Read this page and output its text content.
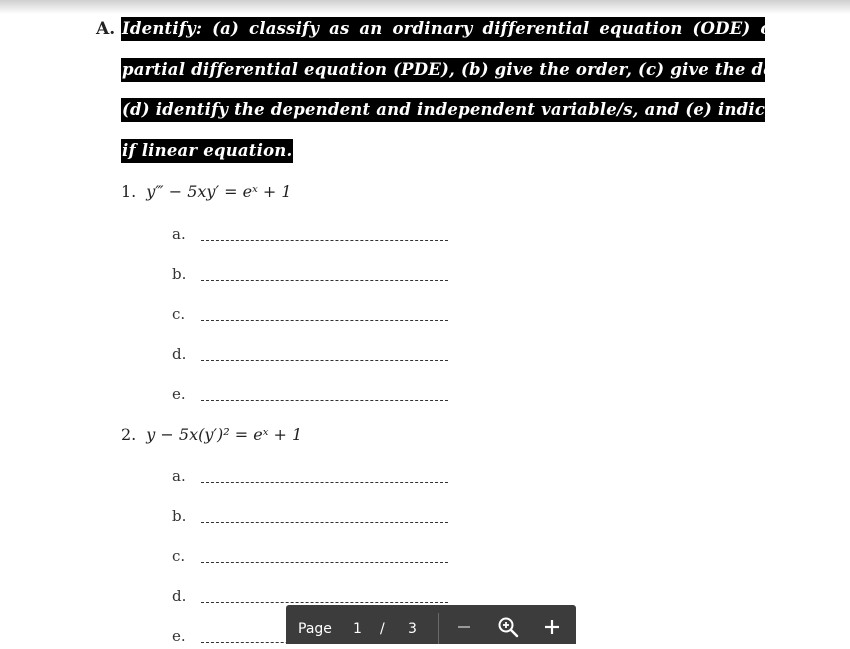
A. Identify: (a) classify as an ordinary differential equation (ODE) or a
partial differential equation (PDE), (b) give the order, (c) give the degree,
(d) identify the dependent and independent variable/s, and (e) indicate
if linear equation.
1. y‴ − 5xy′ = eˣ + 1
a.
b.
c.
d.
e.
2. y − 5x(y′)² = eˣ + 1
a.
b.
c.
d.
e.	Page 1 / 3
